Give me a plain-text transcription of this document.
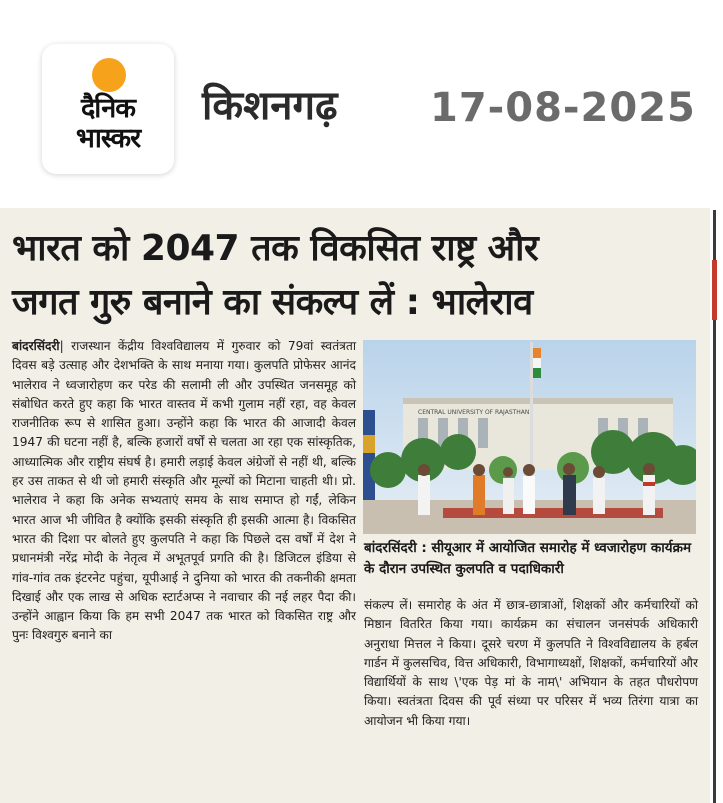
दैनिक
भास्कर
किशनगढ़ 17-08-2025
भारत को 2047 तक विकसित राष्ट्र और
जगत गुरु बनाने का संकल्प लें : भालेराव

बांदरसिंदरी| राजस्थान केंद्रीय विश्वविद्यालय में गुरुवार को 79वां स्वतंत्रता दिवस बड़े उत्साह और देशभक्ति के साथ मनाया गया। कुलपति प्रोफेसर आनंद भालेराव ने ध्वजारोहण कर परेड की सलामी ली और उपस्थित जनसमूह को संबोधित करते हुए कहा कि भारत वास्तव में कभी गुलाम नहीं रहा, वह केवल राजनीतिक रूप से शासित हुआ। उन्होंने कहा कि भारत की आजादी केवल 1947 की घटना नहीं है, बल्कि हजारों वर्षों से चलता आ रहा एक सांस्कृतिक, आध्यात्मिक और राष्ट्रीय संघर्ष है। हमारी लड़ाई केवल अंग्रेजों से नहीं थी, बल्कि हर उस ताकत से थी जो हमारी संस्कृति और मूल्यों को मिटाना चाहती थी। प्रो. भालेराव ने कहा कि अनेक सभ्यताएं समय के साथ समाप्त हो गईं, लेकिन भारत आज भी जीवित है क्योंकि इसकी संस्कृति ही इसकी आत्मा है। विकसित भारत की दिशा पर बोलते हुए कुलपति ने कहा कि पिछले दस वर्षों में देश ने प्रधानमंत्री नरेंद्र मोदी के नेतृत्व में अभूतपूर्व प्रगति की है। डिजिटल इंडिया से गांव-गांव तक इंटरनेट पहुंचा, यूपीआई ने दुनिया को भारत की तकनीकी क्षमता दिखाई और एक लाख से अधिक स्टार्टअप्स ने नवाचार की नई लहर पैदा की। उन्होंने आह्वान किया कि हम सभी 2047 तक भारत को विकसित राष्ट्र और पुनः विश्वगुरु बनाने का

CENTRAL UNIVERSITY OF RAJASTHAN
बांदरसिंदरी : सीयूआर में आयोजित समारोह में ध्वजारोहण कार्यक्रम के दौरान उपस्थित कुलपति व पदाधिकारी

संकल्प लें। समारोह के अंत में छात्र-छात्राओं, शिक्षकों और कर्मचारियों को मिष्ठान वितरित किया गया। कार्यक्रम का संचालन जनसंपर्क अधिकारी अनुराधा मित्तल ने किया। दूसरे चरण में कुलपति ने विश्वविद्यालय के हर्बल गार्डन में कुलसचिव, वित्त अधिकारी, विभागाध्यक्षों, शिक्षकों, कर्मचारियों और विद्यार्थियों के साथ \'एक पेड़ मां के नाम\' अभियान के तहत पौधरोपण किया। स्वतंत्रता दिवस की पूर्व संध्या पर परिसर में भव्य तिरंगा यात्रा का आयोजन भी किया गया।
